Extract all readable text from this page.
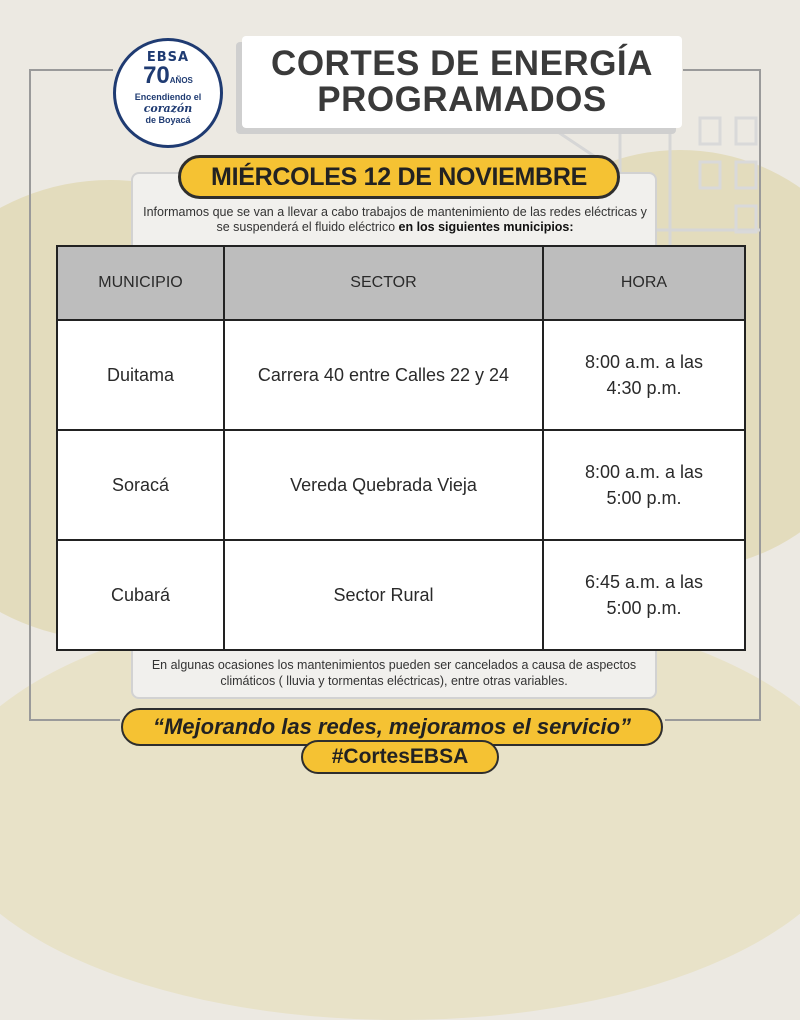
EBSA
70AÑOS
Encendiendo el
corazón
de Boyacá
CORTES DE ENERGÍA
PROGRAMADOS
MIÉRCOLES 12 DE NOVIEMBRE
Informamos que se van a llevar a cabo trabajos de mantenimiento de las redes eléctricas y se suspenderá el fluido eléctrico en los siguientes municipios:
MUNICIPIO	SECTOR	HORA
Duitama	Carrera 40 entre Calles 22 y 24	8:00 a.m. a las
4:30 p.m.
Soracá	Vereda Quebrada Vieja	8:00 a.m. a las
5:00 p.m.
Cubará	Sector Rural	6:45 a.m. a las
5:00 p.m.
En algunas ocasiones los mantenimientos pueden ser cancelados a causa de aspectos climáticos ( lluvia y tormentas eléctricas), entre otras variables.
“Mejorando las redes, mejoramos el servicio”
#CortesEBSA
